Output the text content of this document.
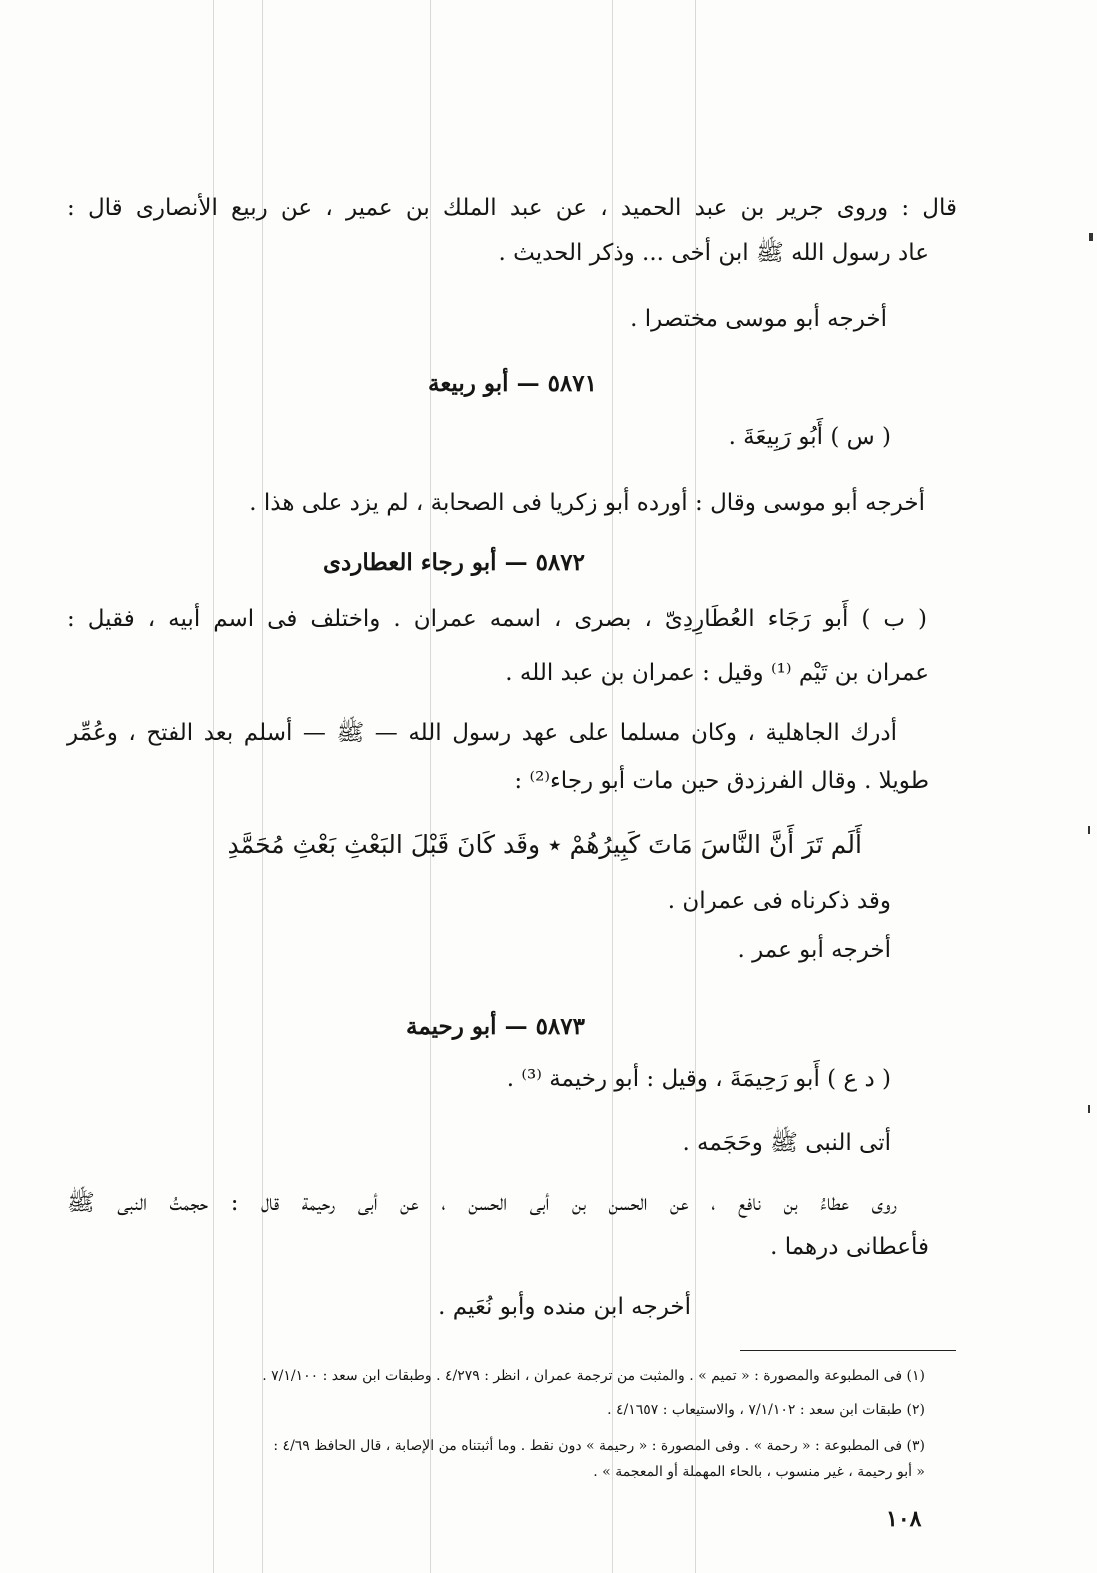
قال : وروى جرير بن عبد الحميد ، عن عبد الملك بن عمير ، عن ربيع الأنصارى قال :
عاد رسول الله ﷺ ابن أخى ... وذكر الحديث .
أخرجه أبو موسى مختصرا .
٥٨٧١ — أبو ربيعة
( س ) أَبُو رَبِيعَةَ .
أخرجه أبو موسى وقال : أورده أبو زكريا فى الصحابة ، لم يزد على هذا .
٥٨٧٢ — أبو رجاء العطاردى
( ب ) أَبو رَجَاء العُطَارِدِىّ ، بصرى ، اسمه عمران . واختلف فى اسم أبيه ، فقيل :
عمران بن تَيْم ⁽¹⁾ وقيل : عمران بن عبد الله .
أدرك الجاهلية ، وكان مسلما على عهد رسول الله — ﷺ — أسلم بعد الفتح ، وعُمِّر
طويلا . وقال الفرزدق حين مات أبو رجاء⁽²⁾ :
أَلَم تَرَ أَنَّ النَّاسَ مَاتَ كَبِيرُهُمْ ٭ وقَد كَانَ قَبْلَ البَعْثِ بَعْثِ مُحَمَّدِ
وقد ذكرناه فى عمران .
أخرجه أبو عمر .
٥٨٧٣ — أبو رحيمة
( د ع ) أَبو رَحِيمَةَ ، وقيل : أبو رخيمة ⁽³⁾ .
أتى النبى ﷺ وحَجَمه .
روى عطاءُ بن نافع ، عن الحسن بن أبى الحسن ، عن أبى رحيمة قال : حجمتُ النبى ﷺ
فأعطانى درهما .
أخرجه ابن منده وأبو نُعَيم .
(١) فى المطبوعة والمصورة : « تميم » . والمثبت من ترجمة عمران ، انظر : ٤/٢٧٩ . وطبقات ابن سعد : ٧/١/١٠٠ .
(٢) طبقات ابن سعد : ٧/١/١٠٢ ، والاستيعاب : ٤/١٦٥٧ .
(٣) فى المطبوعة : « رحمة » . وفى المصورة : « رحيمة » دون نقط . وما أثبتناه من الإصابة ، قال الحافظ ٤/٦٩ :
« أبو رحيمة ، غير منسوب ، بالحاء المهملة أو المعجمة » .
١٠٨
